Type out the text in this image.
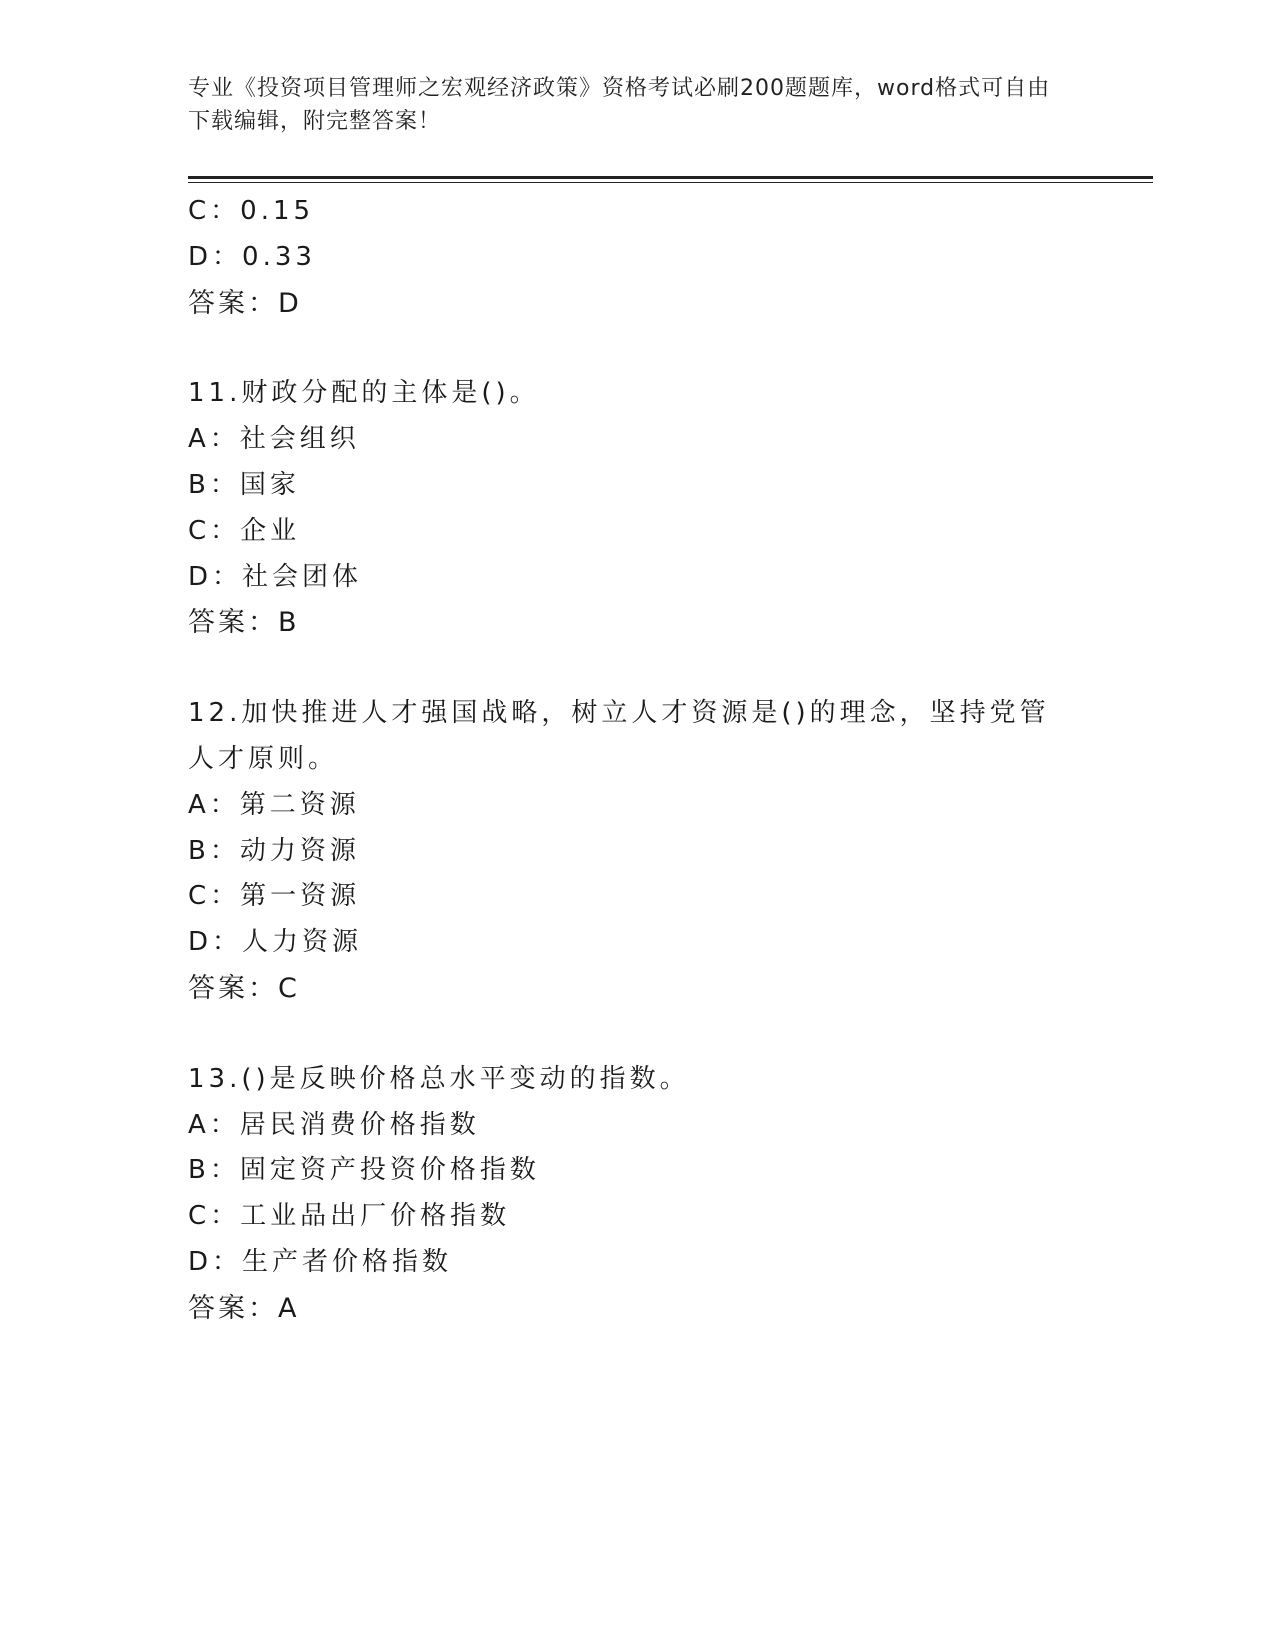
专业《投资项目管理师之宏观经济政策》资格考试必刷200题题库，word格式可自由下载编辑，附完整答案！
C：0.15
D：0.33
答案：D
11.财政分配的主体是()。
A：社会组织
B：国家
C：企业
D：社会团体
答案：B
12.加快推进人才强国战略，树立人才资源是()的理念，坚持党管人才原则。
A：第二资源
B：动力资源
C：第一资源
D：人力资源
答案：C
13.()是反映价格总水平变动的指数。
A：居民消费价格指数
B：固定资产投资价格指数
C：工业品出厂价格指数
D：生产者价格指数
答案：A
